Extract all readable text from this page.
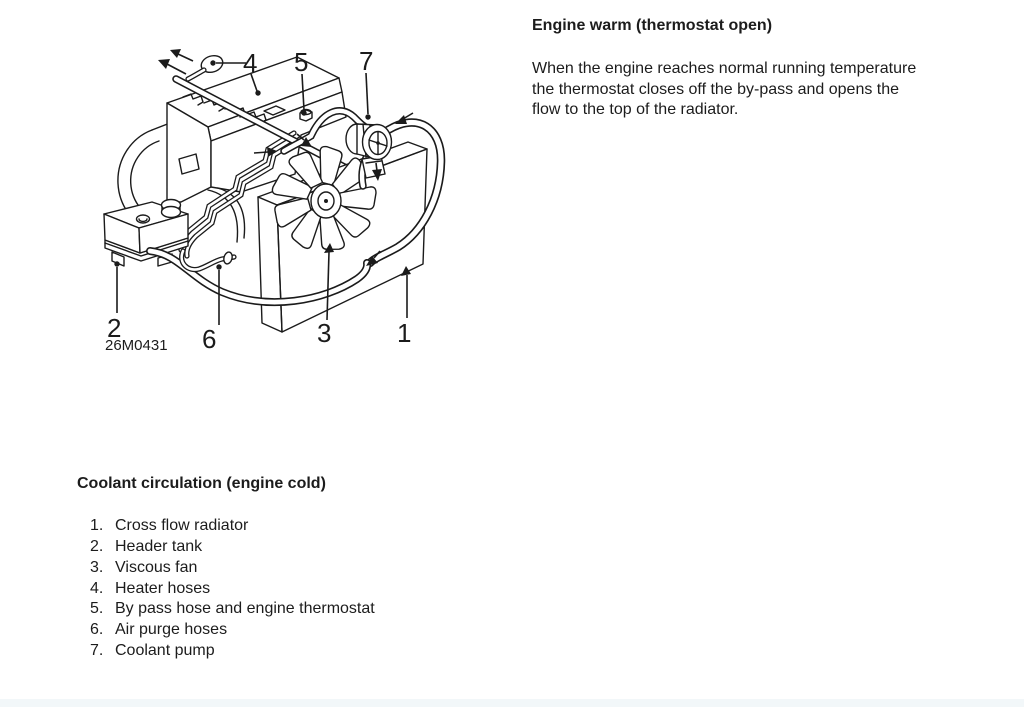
4 5 7
2	6	3	1
26M0431
Engine warm (thermostat open)
When the engine reaches normal running temperature
the thermostat closes off the by-pass and opens the
flow to the top of the radiator.
Coolant circulation (engine cold)
1. Cross flow radiator
2. Header tank
3. Viscous fan
4. Heater hoses
5. By pass hose and engine thermostat
6. Air purge hoses
7. Coolant pump
